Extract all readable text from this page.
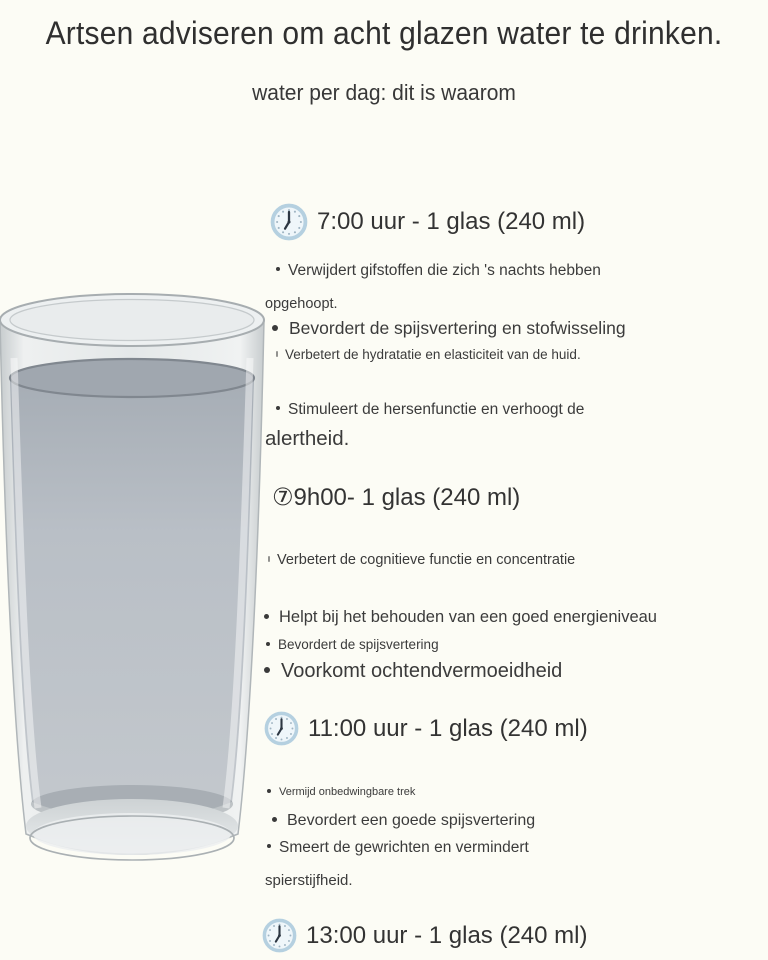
Artsen adviseren om acht glazen water te drinken.
water per dag: dit is waarom
7:00 uur - 1 glas (240 ml)
Verwijdert gifstoffen die zich 's nachts hebben
opgehoopt.
Bevordert de spijsvertering en stofwisseling
Verbetert de hydratatie en elasticiteit van de huid.
Stimuleert de hersenfunctie en verhoogt de
alertheid.
⑦9h00- 1 glas (240 ml)
Verbetert de cognitieve functie en concentratie
Helpt bij het behouden van een goed energieniveau
Bevordert de spijsvertering
Voorkomt ochtendvermoeidheid
11:00 uur - 1 glas (240 ml)
Vermijd onbedwingbare trek
Bevordert een goede spijsvertering
Smeert de gewrichten en vermindert
spierstijfheid.
13:00 uur - 1 glas (240 ml)
